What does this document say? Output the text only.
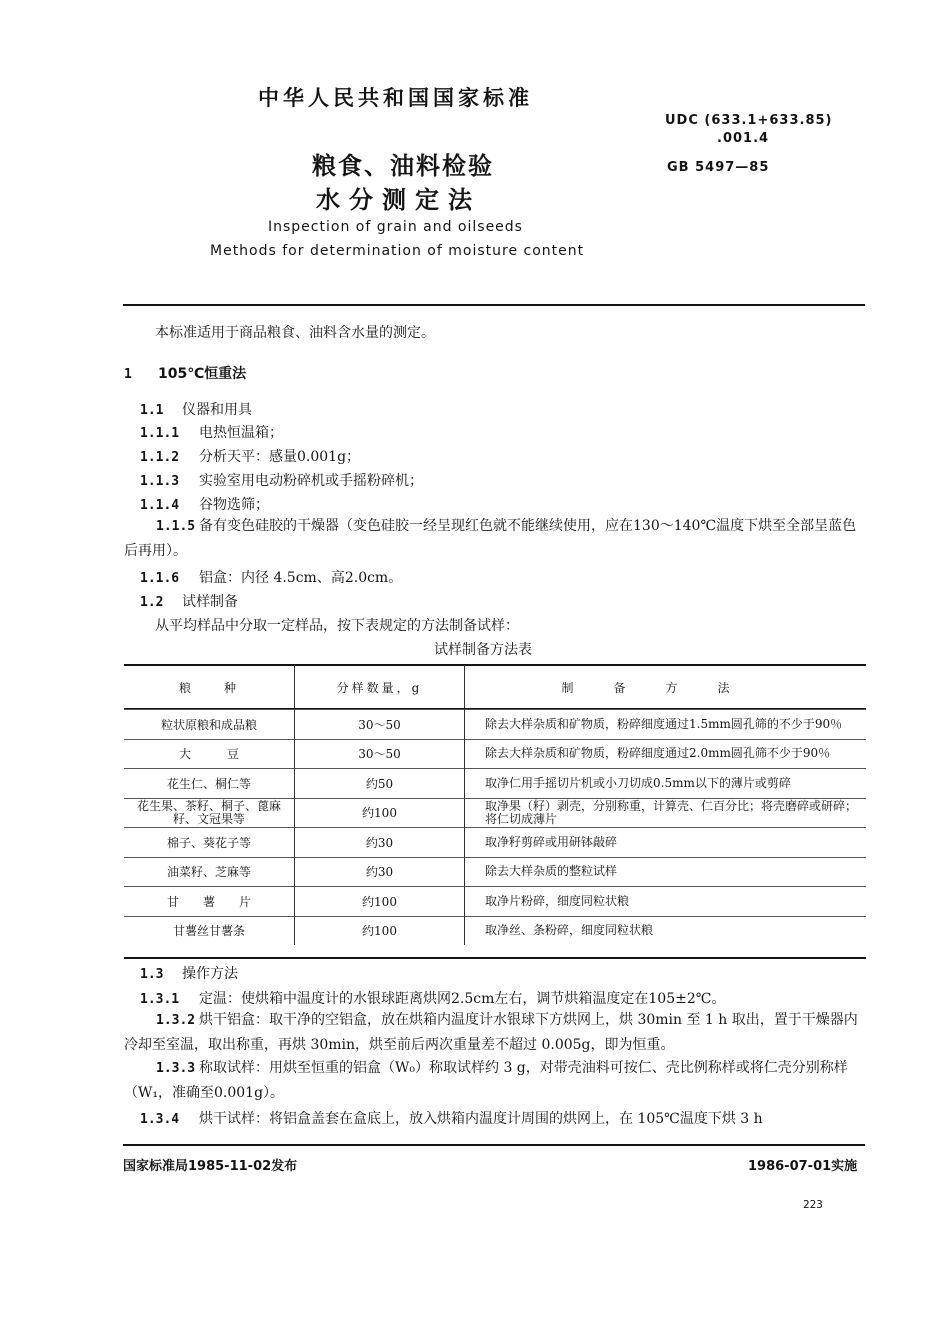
中华人民共和国国家标准
UDC (633.1+633.85)
.001.4
GB 5497—85
粮食、油料检验
水分测定法
Inspection of grain and oilseeds
Methods for determination of moisture content
本标准适用于商品粮食、油料含水量的测定。
1 105℃恒重法
1.1 仪器和用具
1.1.1 电热恒温箱；
1.1.2 分析天平：感量0.001g；
1.1.3 实验室用电动粉碎机或手摇粉碎机；
1.1.4 谷物选筛；
1.1.5 备有变色硅胶的干燥器（变色硅胶一经呈现红色就不能继续使用，应在130～140℃温度下烘至全部呈蓝色后再用）。
1.1.6 铝盒：内径 4.5cm、高2.0cm。
1.2 试样制备
从平均样品中分取一定样品，按下表规定的方法制备试样：
试样制备方法表
粮　　种	分样数量，g	制备方法
粒状原粮和成品粮	30～50	除去大样杂质和矿物质，粉碎细度通过1.5mm圆孔筛的不少于90％
大　　　豆	30～50	除去大样杂质和矿物质，粉碎细度通过2.0mm圆孔筛不少于90％
花生仁、桐仁等	约50	取净仁用手摇切片机或小刀切成0.5mm以下的薄片或剪碎
花生果、茶籽、桐子、蓖麻籽、文冠果等	约100	取净果（籽）剥壳，分别称重，计算壳、仁百分比；将壳磨碎或研碎；将仁切成薄片
棉子、葵花子等	约30	取净籽剪碎或用研钵敲碎
油菜籽、芝麻等	约30	除去大样杂质的整粒试样
甘　　薯　　片	约100	取净片粉碎，细度同粒状粮
甘薯丝甘薯条	约100	取净丝、条粉碎，细度同粒状粮
1.3 操作方法
1.3.1 定温：使烘箱中温度计的水银球距离烘网2.5cm左右，调节烘箱温度定在105±2℃。
1.3.2 烘干铝盒：取干净的空铝盒，放在烘箱内温度计水银球下方烘网上，烘 30min 至 1 h 取出，置于干燥器内冷却至室温，取出称重，再烘 30min，烘至前后两次重量差不超过 0.005g，即为恒重。
1.3.3 称取试样：用烘至恒重的铝盒（W₀）称取试样约 3 g，对带壳油料可按仁、壳比例称样或将仁壳分别称样（W₁，准确至0.001g）。
1.3.4 烘干试样：将铝盒盖套在盒底上，放入烘箱内温度计周围的烘网上，在 105℃温度下烘 3 h
国家标准局1985-11-02发布	1986-07-01实施
223
